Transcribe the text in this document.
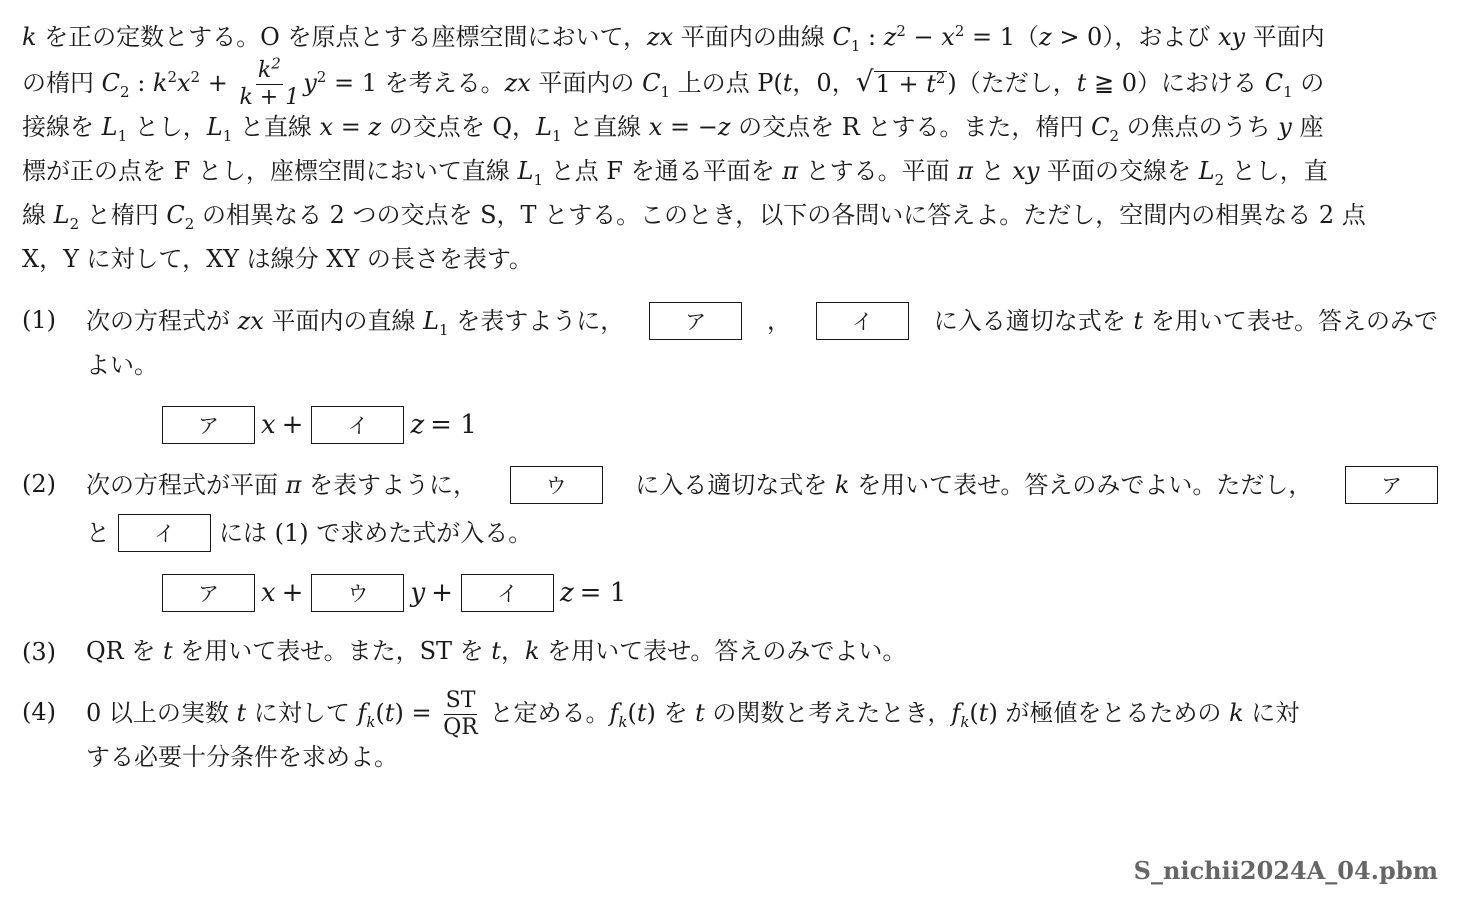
k を正の定数とする。O を原点とする座標空間において，zx 平面内の曲線 $C_1$ : $z^2 - x^2 = 1(z > 0)$，および xy 平面内
の楕円 $C_2$ : $k^2x^2 + \frac{k^2}{k + 1} y^2 = 1$ を考える。zx 平面内の $C_1$ 上の点 P(t，0， √ $1 + t^2$ )（ただし，t ≧ 0）における $C_1$ の
接線を $L_1$ とし，$L_1$ と直線 x = z の交点を Q，$L_1$ と直線 x = −z の交点を R とする。また，楕円 $C_2$ の焦点のうち y 座
標が正の点を F とし，座標空間において直線 $L_1$ と点 F を通る平面を π とする。平面 π と xy 平面の交線を $L_2$ とし，直
線 $L_2$ と楕円 $C_2$ の相異なる 2 つの交点を S，T とする。このとき，以下の各問いに答えよ。ただし，空間内の相異なる 2 点
X，Y に対して，XY は線分 XY の長さを表す。
(1) 次の方程式が zx 平面内の直線 $L_1$ を表すように，	ア	，	イ	に入る適切な式を t を用いて表せ。答えのみで
よい。
ア	x +	イ	z = 1
(2) 次の方程式が平面 π を表すように，	ウ	に入る適切な式を k を用いて表せ。答えのみでよい。ただし，	ア
と	イ	には (1) で求めた式が入る。
ア	x +	ウ	y +	イ	z = 1
(3) QR を t を用いて表せ。また，ST を t，k を用いて表せ。答えのみでよい。
(4) 0 以上の実数 t に対して $f_k(t) = \frac{ST}{QR}$ と定める。$f_k(t)$ を t の関数と考えたとき，$f_k(t)$ が極値をとるための k に対
する必要十分条件を求めよ。
S_nichii2024A_04.pbm
